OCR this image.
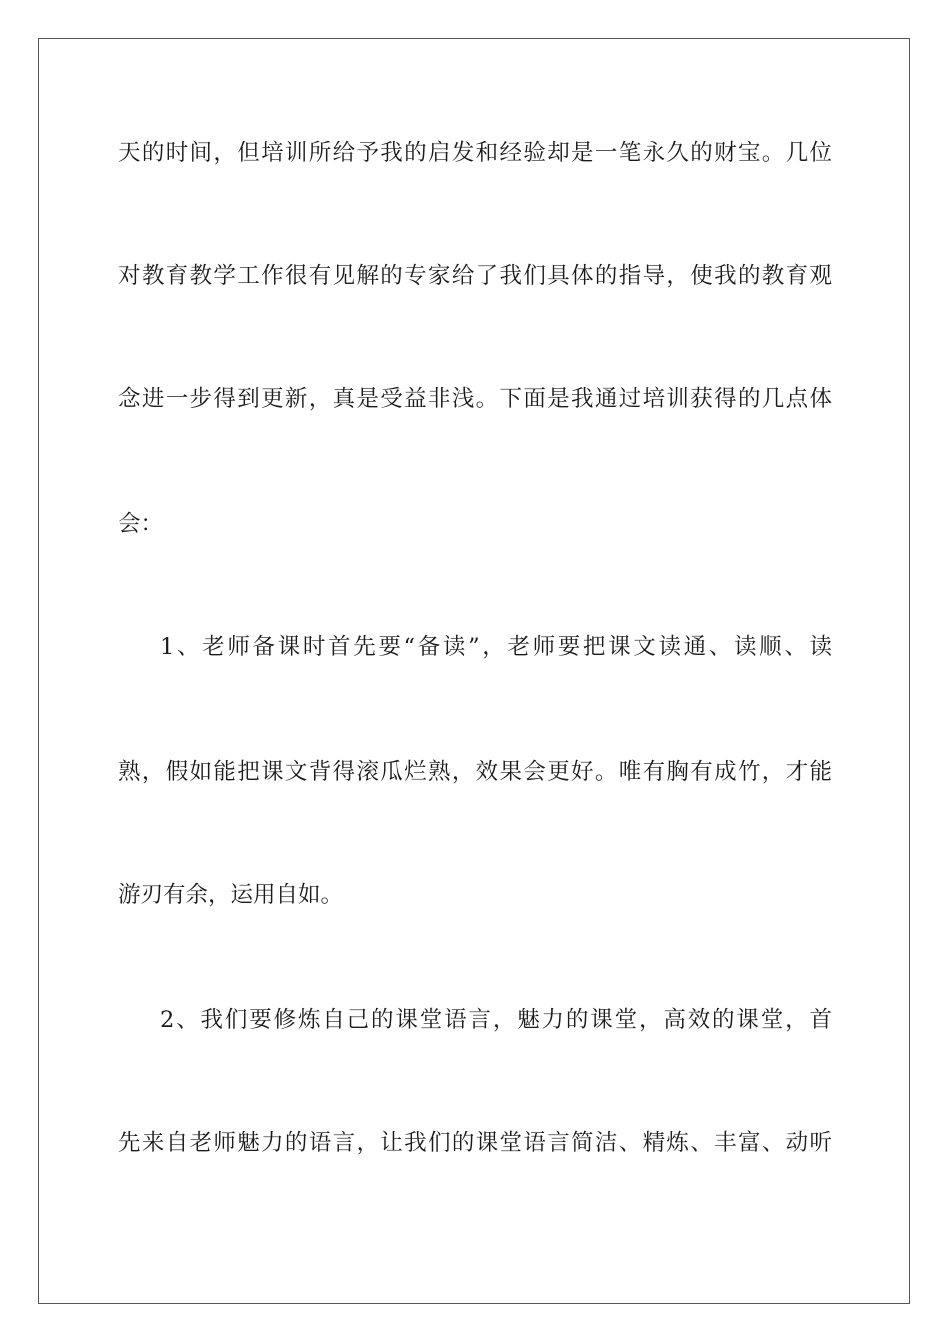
天的时间，但培训所给予我的启发和经验却是一笔永久的财宝。几位
对教育教学工作很有见解的专家给了我们具体的指导，使我的教育观
念进一步得到更新，真是受益非浅。下面是我通过培训获得的几点体
会：
1、老师备课时首先要“备读”，老师要把课文读通、读顺、读
熟，假如能把课文背得滚瓜烂熟，效果会更好。唯有胸有成竹，才能
游刃有余，运用自如。
2、我们要修炼自己的课堂语言，魅力的课堂，高效的课堂，首
先来自老师魅力的语言，让我们的课堂语言简洁、精炼、丰富、动听
